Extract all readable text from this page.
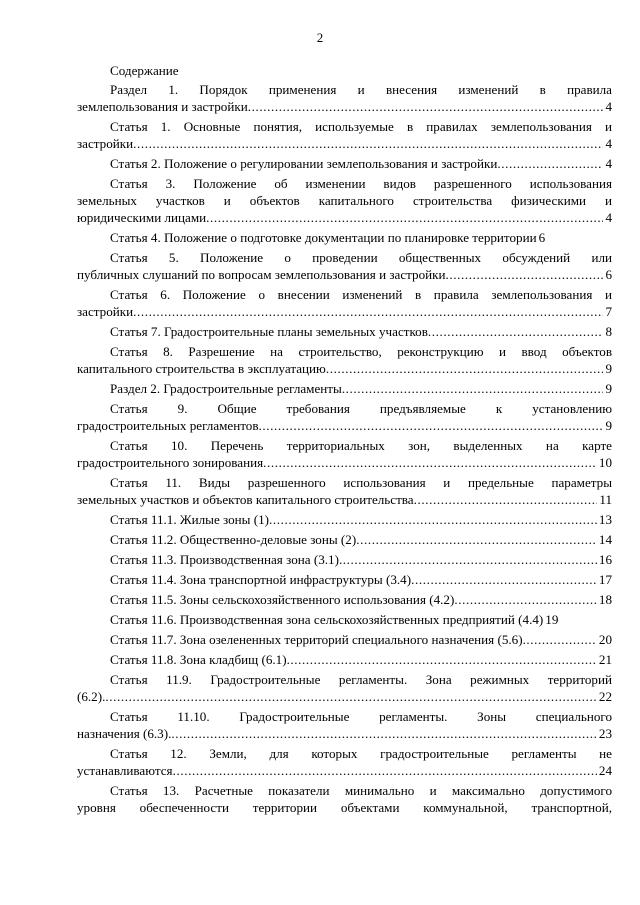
2
Содержание
Раздел 1. Порядок применения и внесения изменений в правила
землепользования и застройки .....	4
Статья 1. Основные понятия, используемые в правилах землепользования и
застройки .....	4
Статья 2. Положение о регулировании землепользования и застройки .....	4
Статья 3. Положение об изменении видов разрешенного использования
земельных участков и объектов капитального строительства физическими и
юридическими лицами .....	4
Статья 4. Положение о подготовке документации по планировке территории 6
Статья 5. Положение о проведении общественных обсуждений или
публичных слушаний по вопросам землепользования и застройки .....	6
Статья 6. Положение о внесении изменений в правила землепользования и
застройки .....	7
Статья 7. Градостроительные планы земельных участков .....	8
Статья 8. Разрешение на строительство, реконструкцию и ввод объектов
капитального строительства в эксплуатацию .....	9
Раздел 2. Градостроительные регламенты .....	9
Статья 9. Общие требования предъявляемые к установлению
градостроительных регламентов .....	9
Статья 10. Перечень территориальных зон, выделенных на карте
градостроительного зонирования .....	10
Статья 11. Виды разрешенного использования и предельные параметры
земельных участков и объектов капитального строительства .....	11
Статья 11.1. Жилые зоны (1) .....	13
Статья 11.2. Общественно-деловые зоны (2) .....	14
Статья 11.3. Производственная зона (3.1) .....	16
Статья 11.4. Зона транспортной инфраструктуры (3.4) .....	17
Статья 11.5. Зоны сельскохозяйственного использования (4.2) .....	18
Статья 11.6. Производственная зона сельскохозяйственных предприятий (4.4) 19
Статья 11.7. Зона озелененных территорий специального назначения (5.6) .....	20
Статья 11.8. Зона кладбищ (6.1) .....	21
Статья 11.9. Градостроительные регламенты. Зона режимных территорий
(6.2). .....	22
Статья 11.10. Градостроительные регламенты. Зоны специального
назначения (6.3). .....	23
Статья 12. Земли, для которых градостроительные регламенты не
устанавливаются .....	24
Статья 13. Расчетные показатели минимально и максимально допустимого
уровня обеспеченности территории объектами коммунальной, транспортной,
